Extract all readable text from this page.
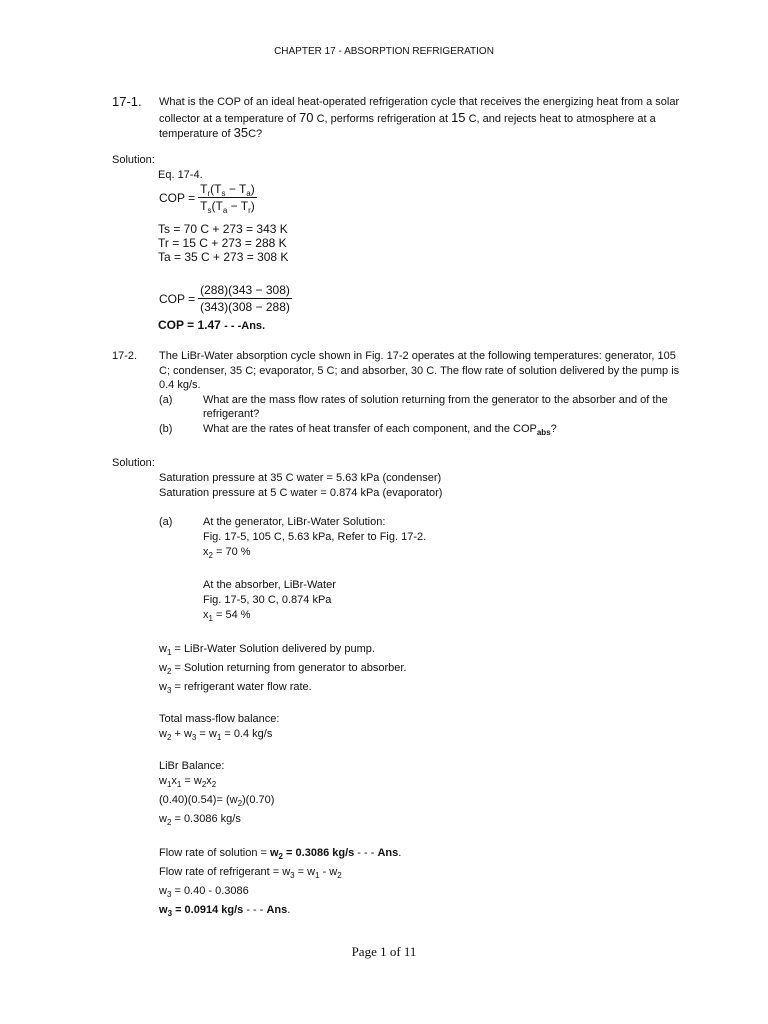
CHAPTER 17 - ABSORPTION REFRIGERATION
17-1. What is the COP of an ideal heat-operated refrigeration cycle that receives the energizing heat from a solar
collector at a temperature of 70 C, performs refrigeration at 15 C, and rejects heat to atmosphere at a
temperature of 35C?
Solution:
Eq. 17-4.
COP = $\frac{T_r(T_s - T_a)}{T_s(T_a - T_r)}$
Ts = 70 C + 273 = 343 K
Tr = 15 C + 273 = 288 K
Ta = 35 C + 273 = 308 K
COP = $\frac{(288)(343 - 308)}{(343)(308 - 288)}$
COP = 1.47 - - -Ans.
17-2. The LiBr-Water absorption cycle shown in Fig. 17-2 operates at the following temperatures: generator, 105
C; condenser, 35 C; evaporator, 5 C; and absorber, 30 C. The flow rate of solution delivered by the pump is
0.4 kg/s.
(a)	What are the mass flow rates of solution returning from the generator to the absorber and of the
refrigerant?
(b)	What are the rates of heat transfer of each component, and the $COP_{abs}$?
Solution:
Saturation pressure at 35 C water = 5.63 kPa (condenser)
Saturation pressure at 5 C water = 0.874 kPa (evaporator)
(a)	At the generator, LiBr-Water Solution:
Fig. 17-5, 105 C, 5.63 kPa, Refer to Fig. 17-2.
$x_2 = 70$ %
At the absorber, LiBr-Water
Fig. 17-5, 30 C, 0.874 kPa
$x_1 = 54$ %
$w_1$ = LiBr-Water Solution delivered by pump.
$w_2$ = Solution returning from generator to absorber.
$w_3$ = refrigerant water flow rate.
Total mass-flow balance:
$w_2 + w_3 = w_1 = 0.4$ kg/s
LiBr Balance:
$w_1x_1 = w_2x_2$
$(0.40)(0.54)= (w_2)(0.70)$
$w_2 = 0.3086$ kg/s
Flow rate of solution = $w_2 = 0.3086$ kg/s - - - Ans.
Flow rate of refrigerant = $w_3 = w_1 - w_2$
$w_3 = 0.40 - 0.3086$
$w_3 = 0.0914$ kg/s - - - Ans.
Page 1 of 11
